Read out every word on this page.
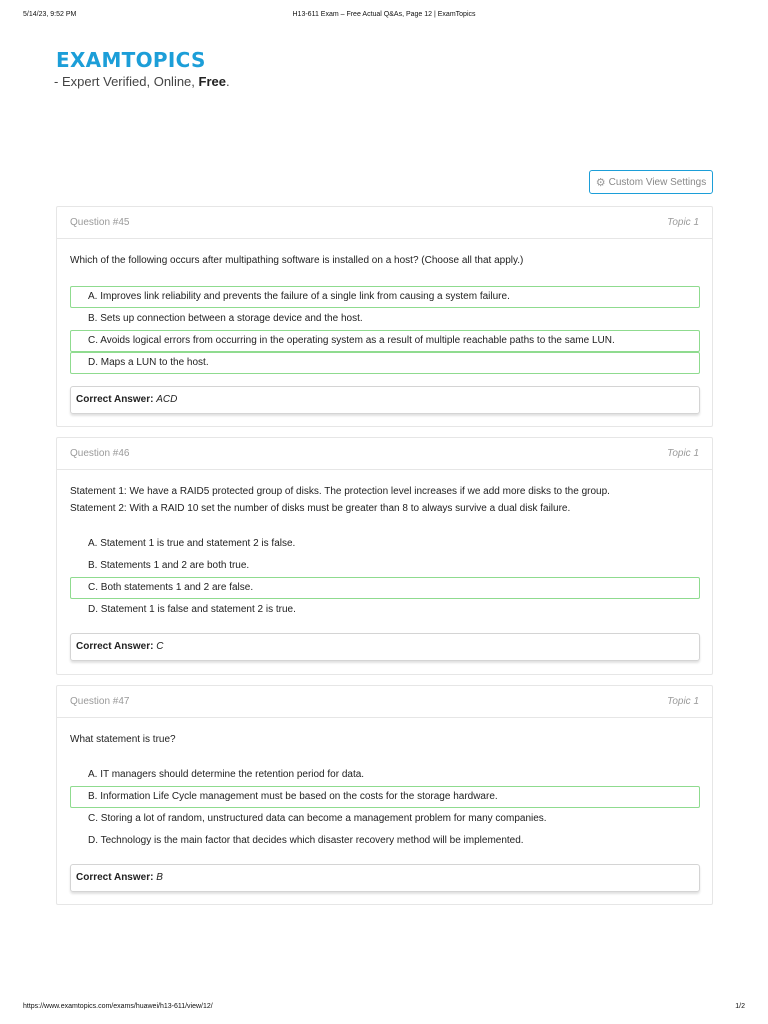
5/14/23, 9:52 PM	H13-611 Exam – Free Actual Q&As, Page 12 | ExamTopics
EXAMTOPICS
- Expert Verified, Online, Free.
⚙ Custom View Settings
Question #45	Topic 1
Which of the following occurs after multipathing software is installed on a host? (Choose all that apply.)
A. Improves link reliability and prevents the failure of a single link from causing a system failure.
B. Sets up connection between a storage device and the host.
C. Avoids logical errors from occurring in the operating system as a result of multiple reachable paths to the same LUN.
D. Maps a LUN to the host.
Correct Answer: ACD
Question #46	Topic 1
Statement 1: We have a RAID5 protected group of disks. The protection level increases if we add more disks to the group.
Statement 2: With a RAID 10 set the number of disks must be greater than 8 to always survive a dual disk failure.
A. Statement 1 is true and statement 2 is false.
B. Statements 1 and 2 are both true.
C. Both statements 1 and 2 are false.
D. Statement 1 is false and statement 2 is true.
Correct Answer: C
Question #47	Topic 1
What statement is true?
A. IT managers should determine the retention period for data.
B. Information Life Cycle management must be based on the costs for the storage hardware.
C. Storing a lot of random, unstructured data can become a management problem for many companies.
D. Technology is the main factor that decides which disaster recovery method will be implemented.
Correct Answer: B
https://www.examtopics.com/exams/huawei/h13-611/view/12/	1/2
